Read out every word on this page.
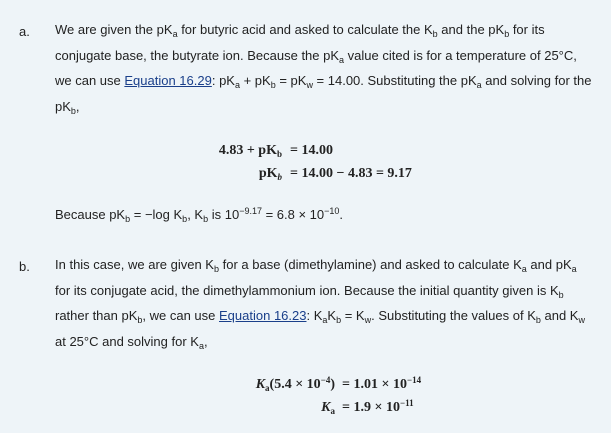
a. We are given the $pK_a$ for butyric acid and asked to calculate the $K_b$ and the $pK_b$ for its conjugate base, the butyrate ion. Because the $pK_a$ value cited is for a temperature of 25°C, we can use Equation 16.29: $pK_a + pK_b = pK_w = 14.00$. Substituting the $pK_a$ and solving for the $pK_b$,
$4.83 + pK_b = 14.00$
$pK_b = 14.00 - 4.83 = 9.17$
Because $pK_b = -\log$ $K_b$, $K_b$ is $10^{-9.17} = 6.8 \times 10^{-10}$.
b. In this case, we are given $K_b$ for a base (dimethylamine) and asked to calculate $K_a$ and $pK_a$ for its conjugate acid, the dimethylammonium ion. Because the initial quantity given is $K_b$ rather than $pK_b$, we can use Equation 16.23: $K_aK_b = K_w$. Substituting the values of $K_b$ and $K_w$ at 25°C and solving for $K_a$,
$K_a(5.4 \times 10^{-4}) = 1.01 \times 10^{-14}$
$K_a = 1.9 \times 10^{-11}$
